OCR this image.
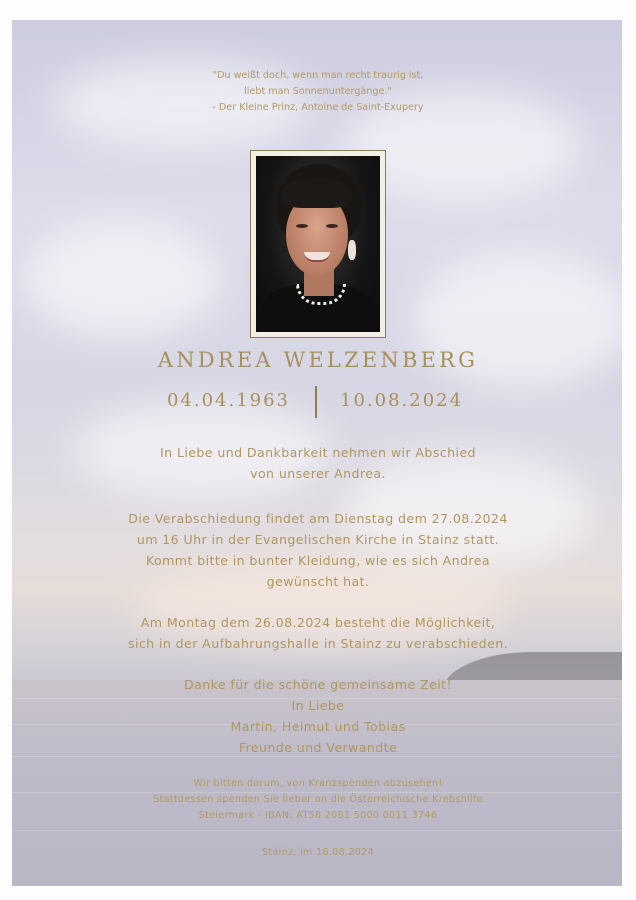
"Du weißt doch, wenn man recht traurig ist,
liebt man Sonnenuntergänge."
- Der Kleine Prinz, Antoine de Saint-Exupery
ANDREA WELZENBERG
04.04.1963	10.08.2024
In Liebe und Dankbarkeit nehmen wir Abschied
von unserer Andrea.
Die Verabschiedung findet am Dienstag dem 27.08.2024
um 16 Uhr in der Evangelischen Kirche in Stainz statt.
Kommt bitte in bunter Kleidung, wie es sich Andrea
gewünscht hat.
Am Montag dem 26.08.2024 besteht die Möglichkeit,
sich in der Aufbahrungshalle in Stainz zu verabschieden.
Danke für die schöne gemeinsame Zeit!
In Liebe
Martin, Helmut und Tobias
Freunde und Verwandte
Wir bitten darum, von Kranzspenden abzusehen!
Stattdessen spenden Sie lieber an die Österreichische Krebshilfe
Steiermark - IBAN: AT58 2081 5000 0011 3746
Stainz, im 16.08.2024
